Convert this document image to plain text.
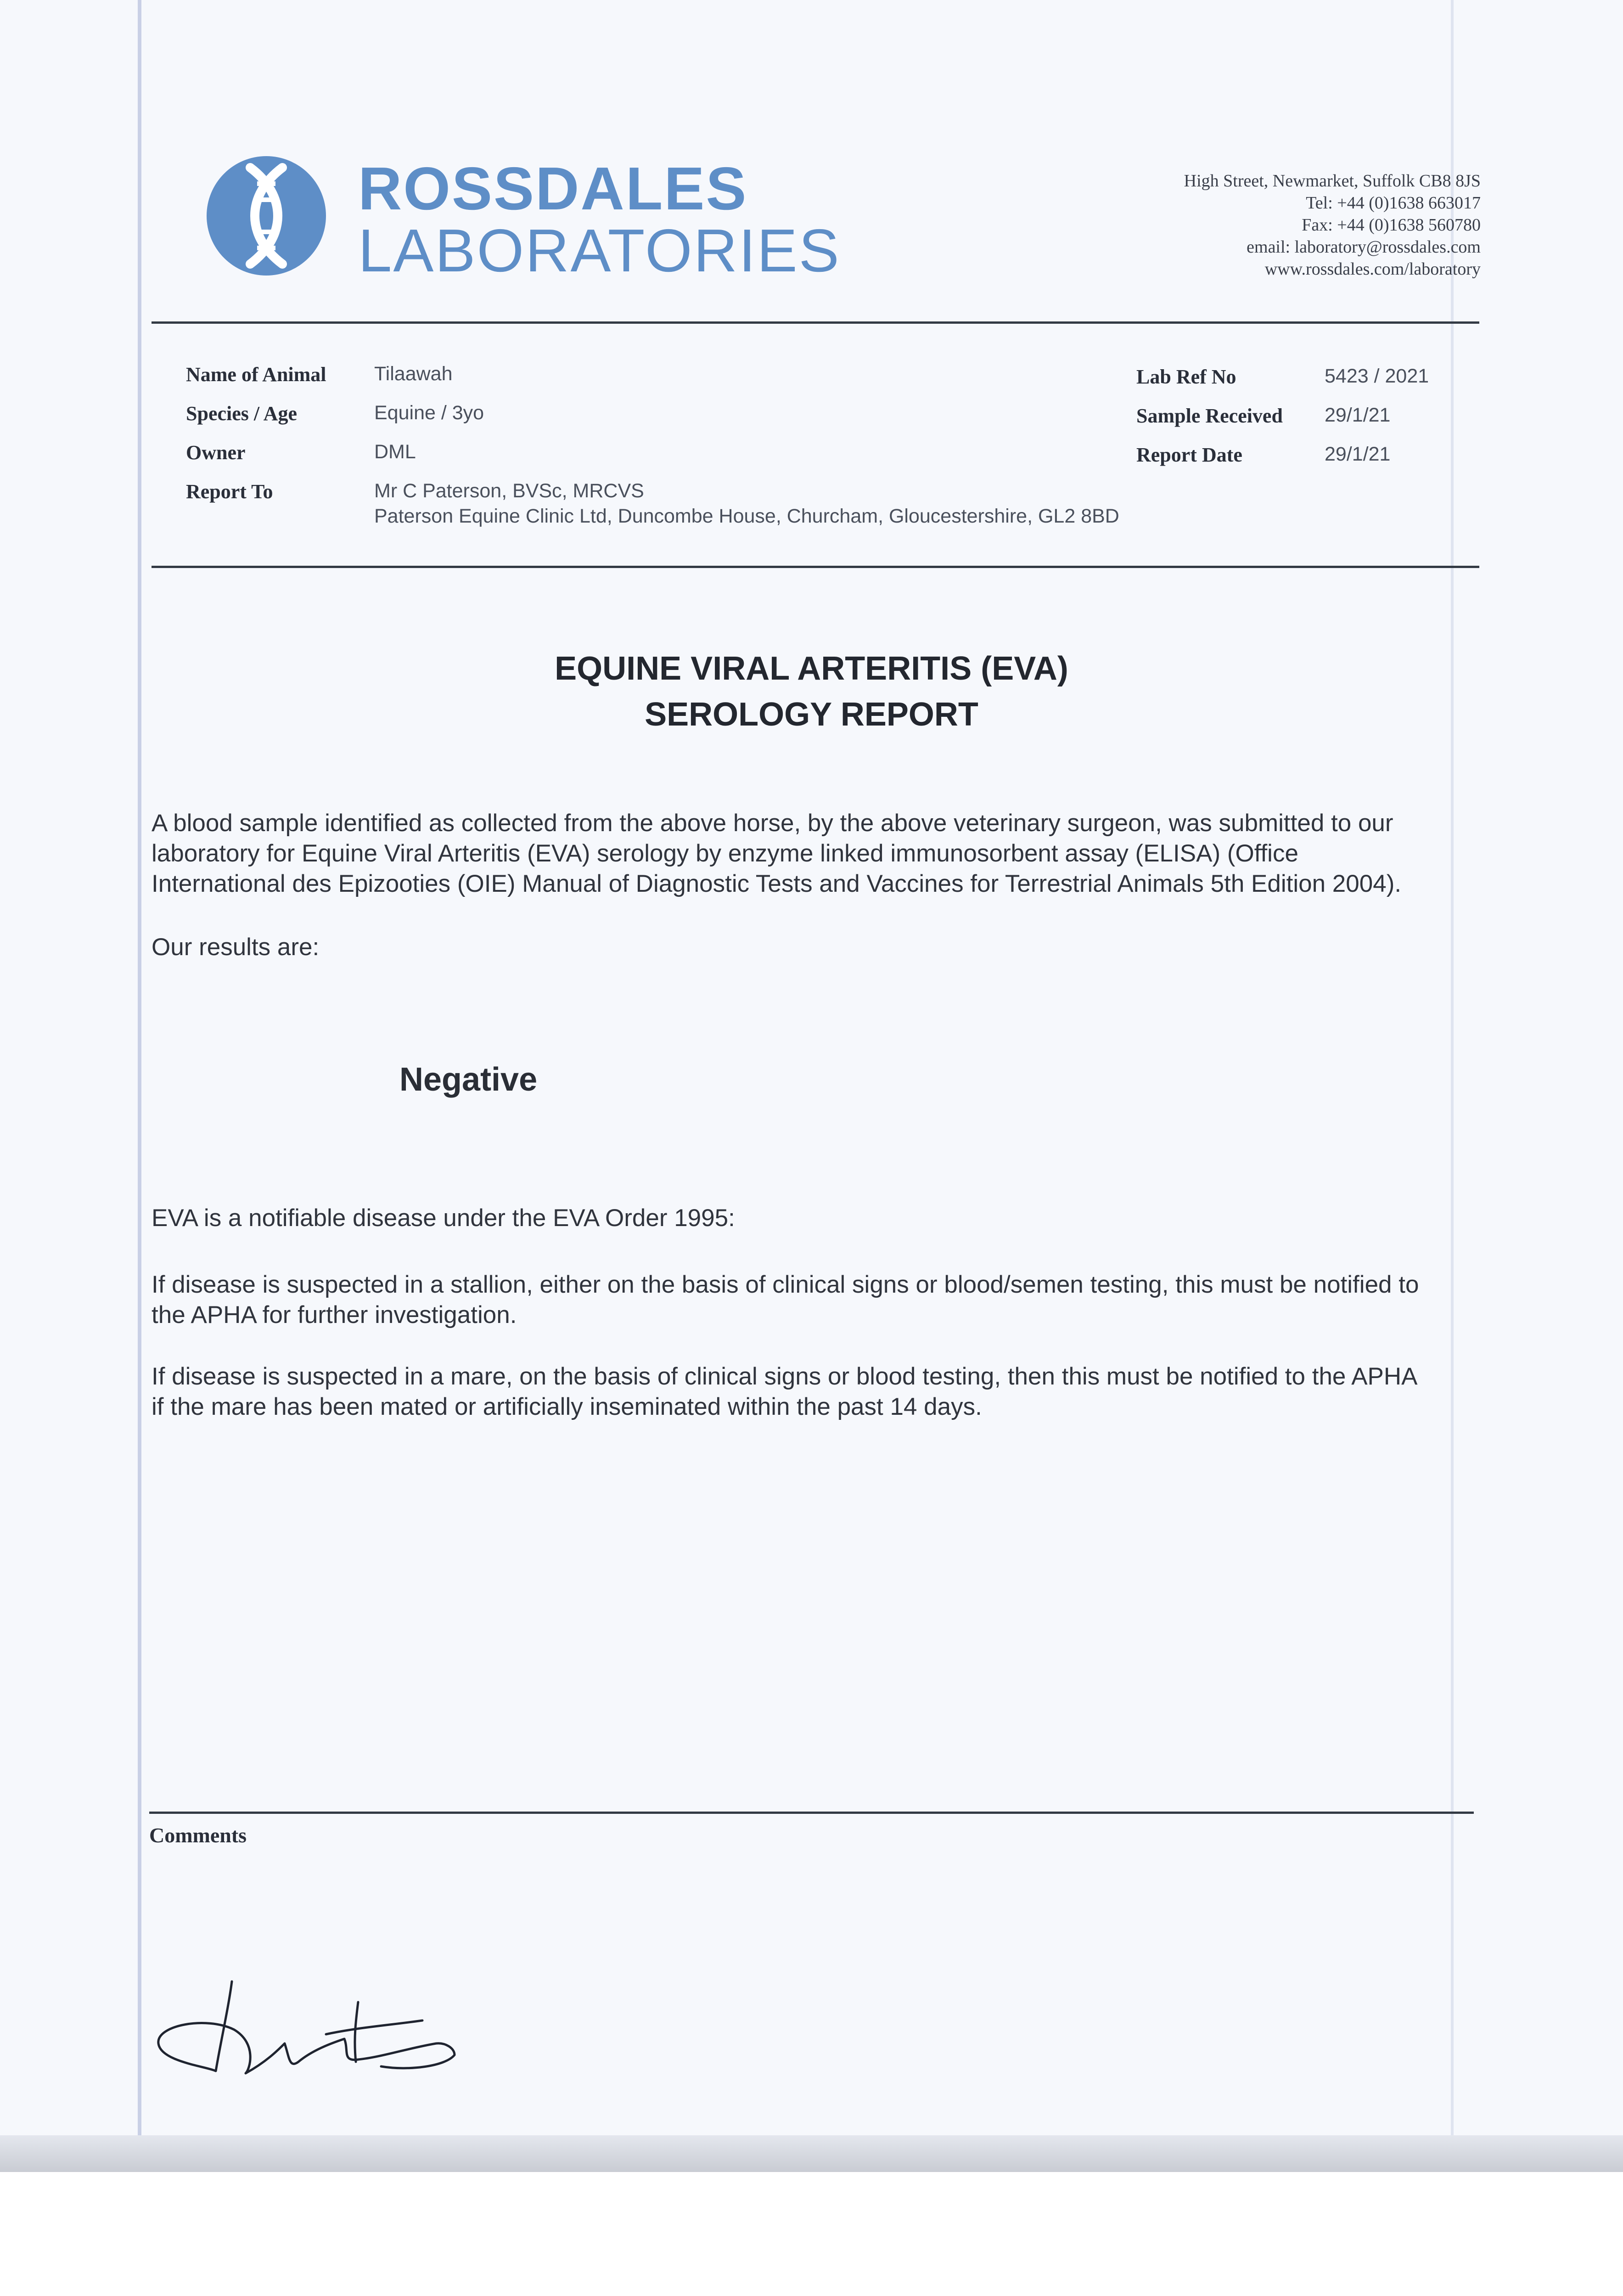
ROSSDALES
LABORATORIES
High Street, Newmarket, Suffolk CB8 8JS
Tel: +44 (0)1638 663017
Fax: +44 (0)1638 560780
email: laboratory@rossdales.com
www.rossdales.com/laboratory
Name of Animal Tilaawah
Species / Age	Equine / 3yo
Owner	DML
Report To	Mr C Paterson, BVSc, MRCVS
Paterson Equine Clinic Ltd, Duncombe House, Churcham, Gloucestershire, GL2 8BD
Lab Ref No	5423 / 2021
Sample Received 29/1/21
Report Date	29/1/21
EQUINE VIRAL ARTERITIS (EVA)
SEROLOGY REPORT
A blood sample identified as collected from the above horse, by the above veterinary surgeon, was submitted to our
laboratory for Equine Viral Arteritis (EVA) serology by enzyme linked immunosorbent assay (ELISA) (Office
International des Epizooties (OIE) Manual of Diagnostic Tests and Vaccines for Terrestrial Animals 5th Edition 2004).
Our results are:
Negative
EVA is a notifiable disease under the EVA Order 1995:
If disease is suspected in a stallion, either on the basis of clinical signs or blood/semen testing, this must be notified to
the APHA for further investigation.
If disease is suspected in a mare, on the basis of clinical signs or blood testing, then this must be notified to the APHA
if the mare has been mated or artificially inseminated within the past 14 days.
Comments
